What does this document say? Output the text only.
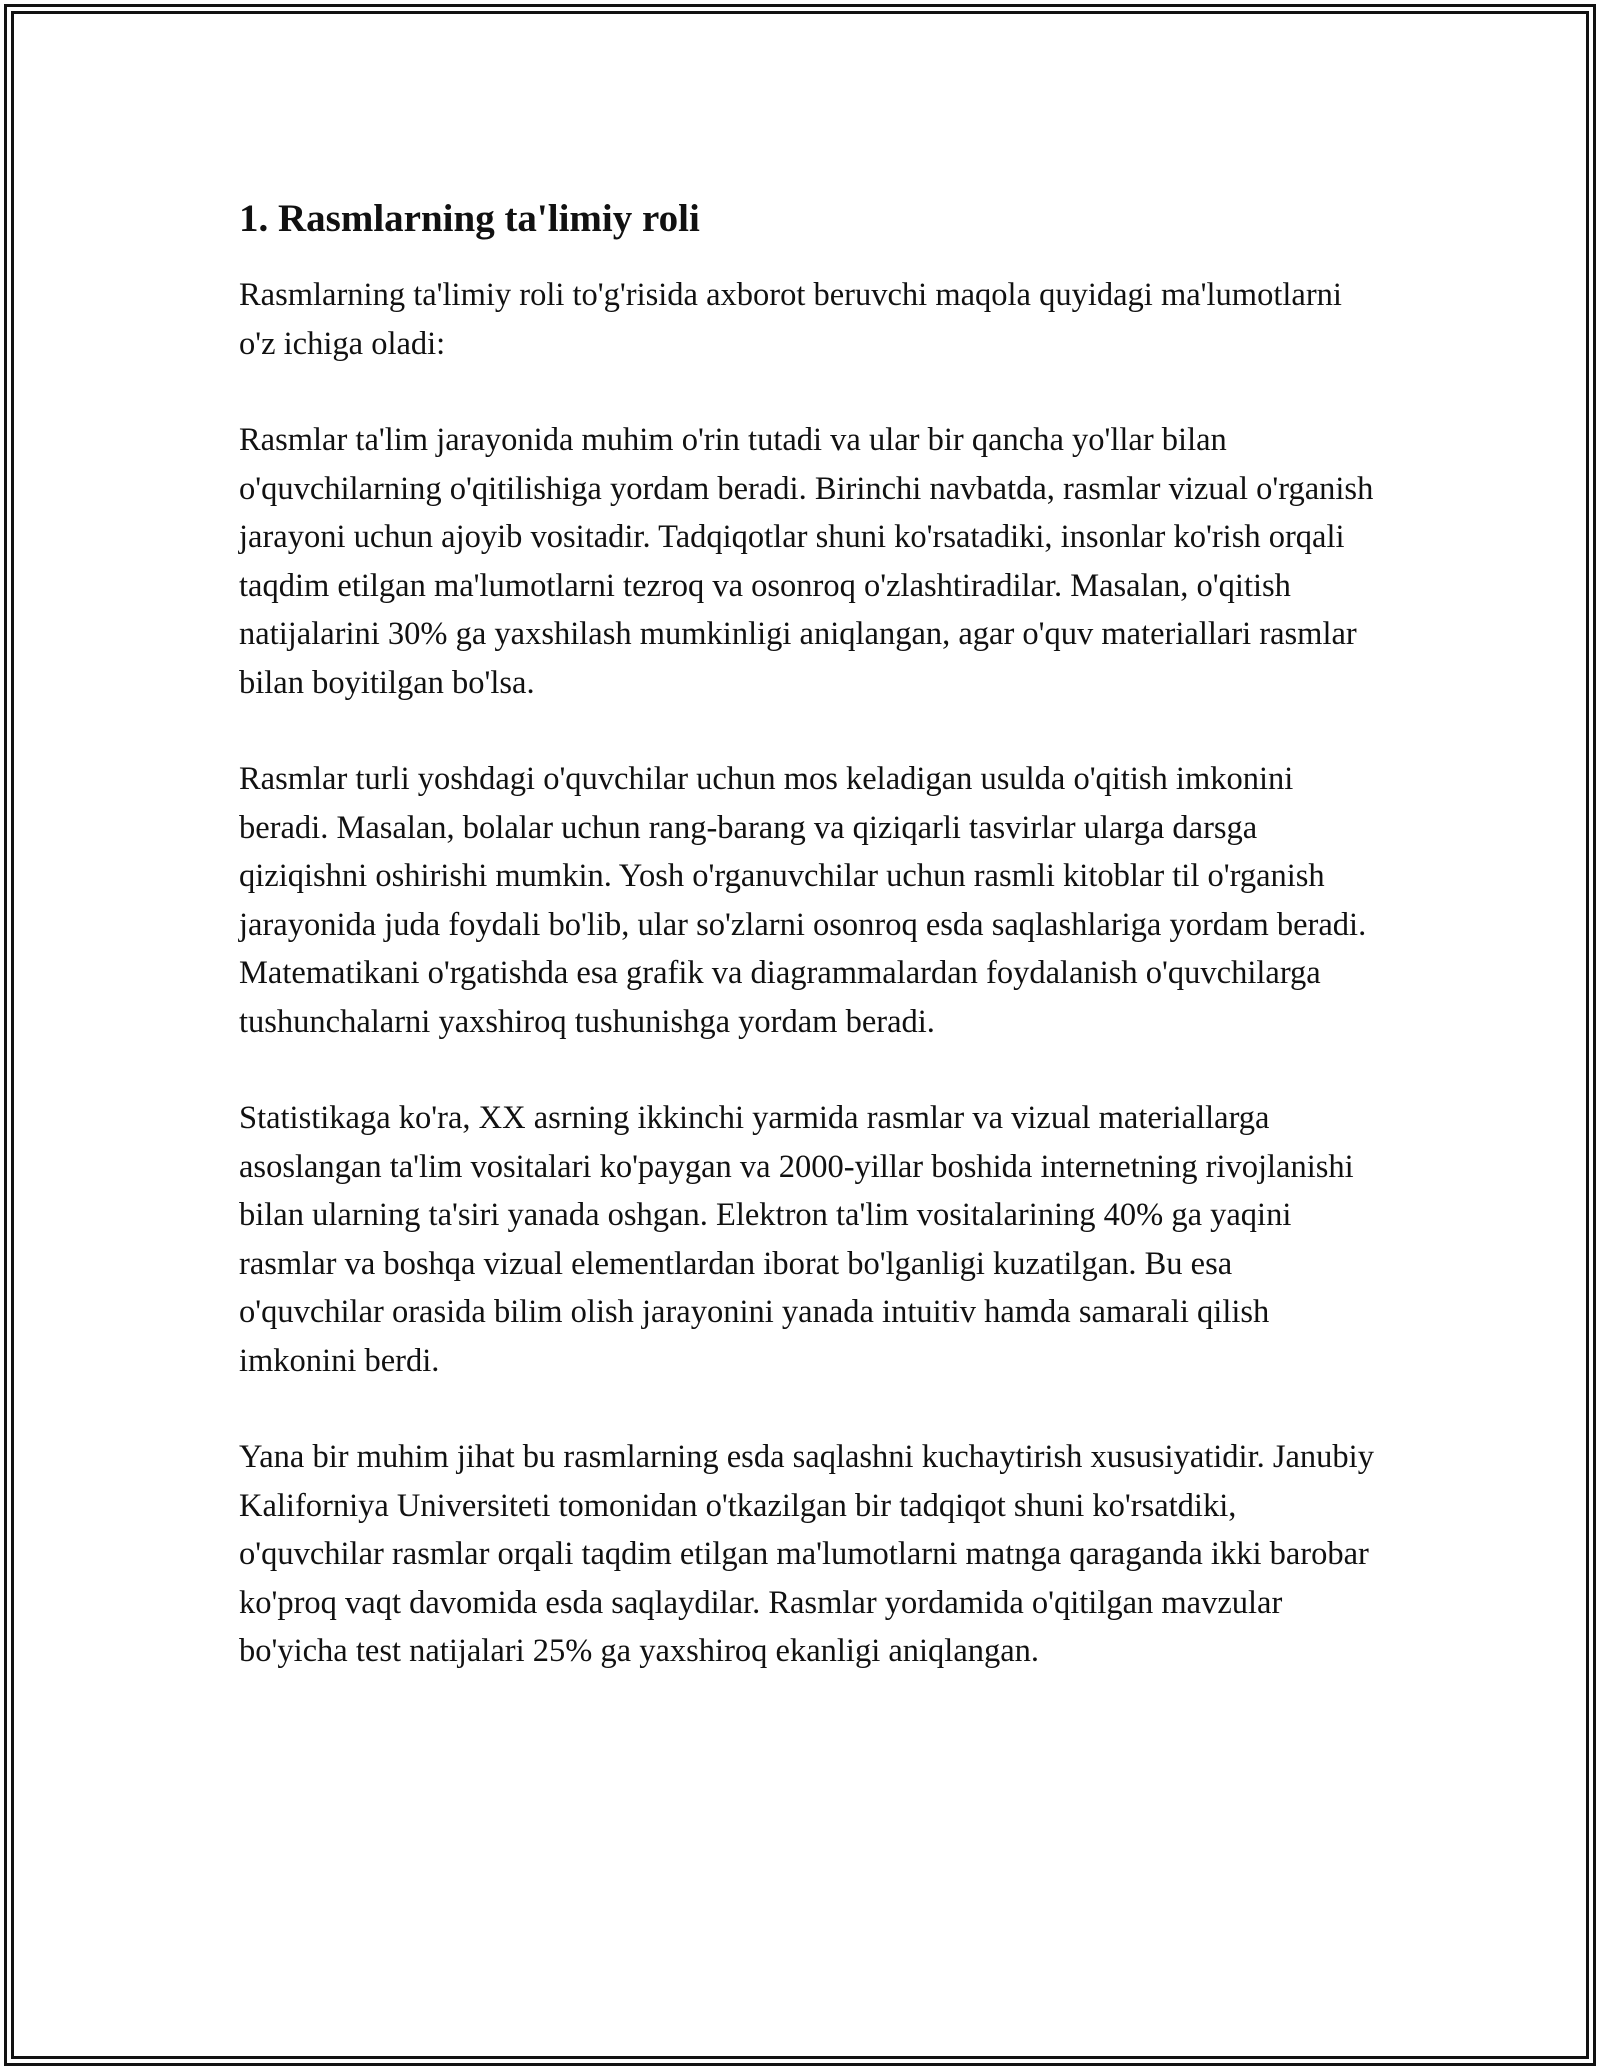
1. Rasmlarning ta'limiy roli

Rasmlarning ta'limiy roli to'g'risida axborot beruvchi maqola quyidagi ma'lumotlarni o'z ichiga oladi:

Rasmlar ta'lim jarayonida muhim o'rin tutadi va ular bir qancha yo'llar bilan o'quvchilarning o'qitilishiga yordam beradi. Birinchi navbatda, rasmlar vizual o'rganish jarayoni uchun ajoyib vositadir. Tadqiqotlar shuni ko'rsatadiki, insonlar ko'rish orqali taqdim etilgan ma'lumotlarni tezroq va osonroq o'zlashtiradilar. Masalan, o'qitish natijalarini 30% ga yaxshilash mumkinligi aniqlangan, agar o'quv materiallari rasmlar bilan boyitilgan bo'lsa.

Rasmlar turli yoshdagi o'quvchilar uchun mos keladigan usulda o'qitish imkonini beradi. Masalan, bolalar uchun rang-barang va qiziqarli tasvirlar ularga darsga qiziqishni oshirishi mumkin. Yosh o'rganuvchilar uchun rasmli kitoblar til o'rganish jarayonida juda foydali bo'lib, ular so'zlarni osonroq esda saqlashlariga yordam beradi. Matematikani o'rgatishda esa grafik va diagrammalardan foydalanish o'quvchilarga tushunchalarni yaxshiroq tushunishga yordam beradi.

Statistikaga ko'ra, XX asrning ikkinchi yarmida rasmlar va vizual materiallarga asoslangan ta'lim vositalari ko'paygan va 2000-yillar boshida internetning rivojlanishi bilan ularning ta'siri yanada oshgan. Elektron ta'lim vositalarining 40% ga yaqini rasmlar va boshqa vizual elementlardan iborat bo'lganligi kuzatilgan. Bu esa o'quvchilar orasida bilim olish jarayonini yanada intuitiv hamda samarali qilish imkonini berdi.

Yana bir muhim jihat bu rasmlarning esda saqlashni kuchaytirish xususiyatidir. Janubiy Kaliforniya Universiteti tomonidan o'tkazilgan bir tadqiqot shuni ko'rsatdiki, o'quvchilar rasmlar orqali taqdim etilgan ma'lumotlarni matnga qaraganda ikki barobar ko'proq vaqt davomida esda saqlaydilar. Rasmlar yordamida o'qitilgan mavzular bo'yicha test natijalari 25% ga yaxshiroq ekanligi aniqlangan.
